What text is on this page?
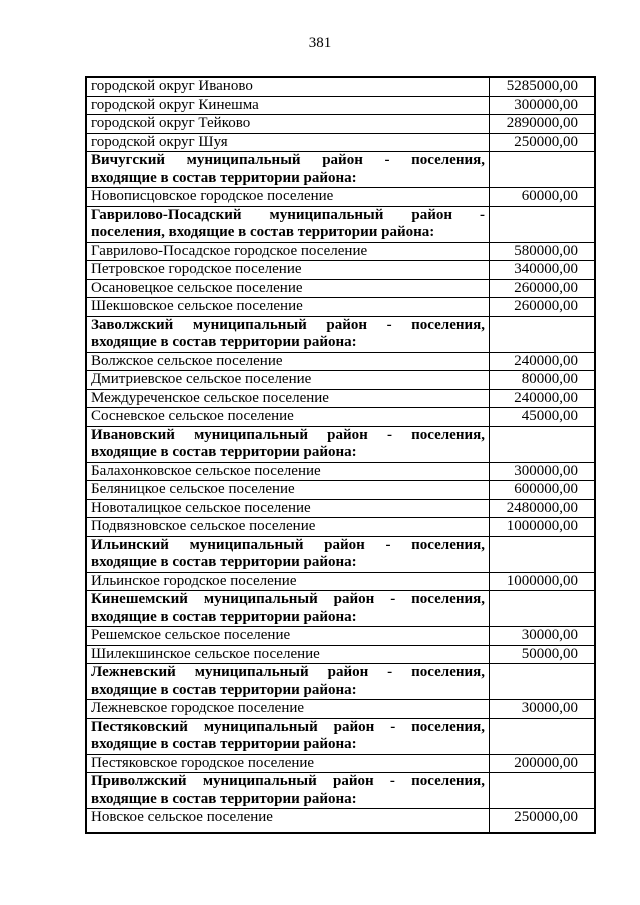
381
городской округ Иваново	5285000,00
городской округ Кинешма	300000,00
городской округ Тейково	2890000,00
городской округ Шуя	250000,00

Вичугский муниципальный район - поселения,
входящие в состав территории района:	

Новописцовское городское поселение	60000,00

Гаврилово-Посадский муниципальный район -
поселения, входящие в состав территории района:	

Гаврилово-Посадское городское поселение	580000,00
Петровское городское поселение	340000,00
Осановецкое сельское поселение	260000,00
Шекшовское сельское поселение	260000,00

Заволжский муниципальный район - поселения,
входящие в состав территории района:	

Волжское сельское поселение	240000,00
Дмитриевское сельское поселение	80000,00
Междуреченское сельское поселение	240000,00
Сосневское сельское поселение	45000,00

Ивановский муниципальный район - поселения,
входящие в состав территории района:	

Балахонковское сельское поселение	300000,00
Беляницкое сельское поселение	600000,00
Новоталицкое сельское поселение	2480000,00
Подвязновское сельское поселение	1000000,00

Ильинский муниципальный район - поселения,
входящие в состав территории района:	

Ильинское городское поселение	1000000,00

Кинешемский муниципальный район - поселения,
входящие в состав территории района:	

Решемское сельское поселение	30000,00
Шилекшинское сельское поселение	50000,00

Лежневский муниципальный район - поселения,
входящие в состав территории района:	

Лежневское городское поселение	30000,00

Пестяковский муниципальный район - поселения,
входящие в состав территории района:	

Пестяковское городское поселение	200000,00

Приволжский муниципальный район - поселения,
входящие в состав территории района:	

Новское сельское поселение	250000,00
